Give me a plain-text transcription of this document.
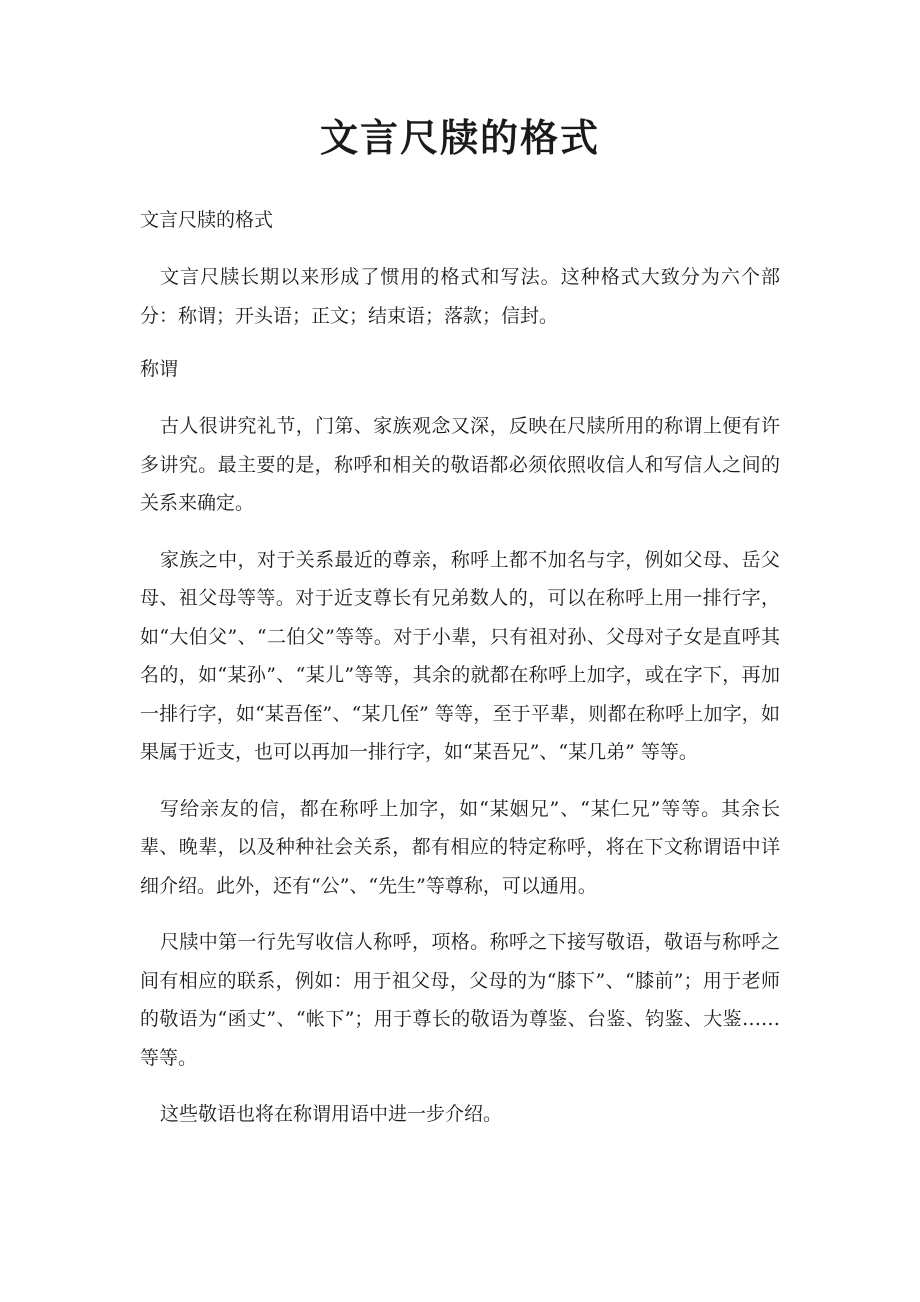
文言尺牍的格式

文言尺牍的格式

文言尺牍长期以来形成了惯用的格式和写法。这种格式大致分为六个部分：称谓；开头语；正文；结束语；落款；信封。

称谓

古人很讲究礼节，门第、家族观念又深，反映在尺牍所用的称谓上便有许多讲究。最主要的是，称呼和相关的敬语都必须依照收信人和写信人之间的关系来确定。

家族之中，对于关系最近的尊亲，称呼上都不加名与字，例如父母、岳父母、祖父母等等。对于近支尊长有兄弟数人的，可以在称呼上用一排行字，如“大伯父”、“二伯父”等等。对于小辈，只有祖对孙、父母对子女是直呼其名的，如“某孙”、“某儿”等等，其余的就都在称呼上加字，或在字下，再加一排行字，如“某吾侄”、“某几侄” 等等，至于平辈，则都在称呼上加字，如果属于近支，也可以再加一排行字，如“某吾兄”、“某几弟” 等等。

写给亲友的信，都在称呼上加字，如“某姻兄”、“某仁兄”等等。其余长辈、晚辈，以及种种社会关系，都有相应的特定称呼，将在下文称谓语中详细介绍。此外，还有“公”、“先生”等尊称，可以通用。

尺牍中第一行先写收信人称呼，项格。称呼之下接写敬语，敬语与称呼之间有相应的联系，例如：用于祖父母，父母的为“膝下”、“膝前”；用于老师的敬语为“函丈”、“帐下”；用于尊长的敬语为尊鉴、台鉴、钧鉴、大鉴……等等。

这些敬语也将在称谓用语中进一步介绍。
